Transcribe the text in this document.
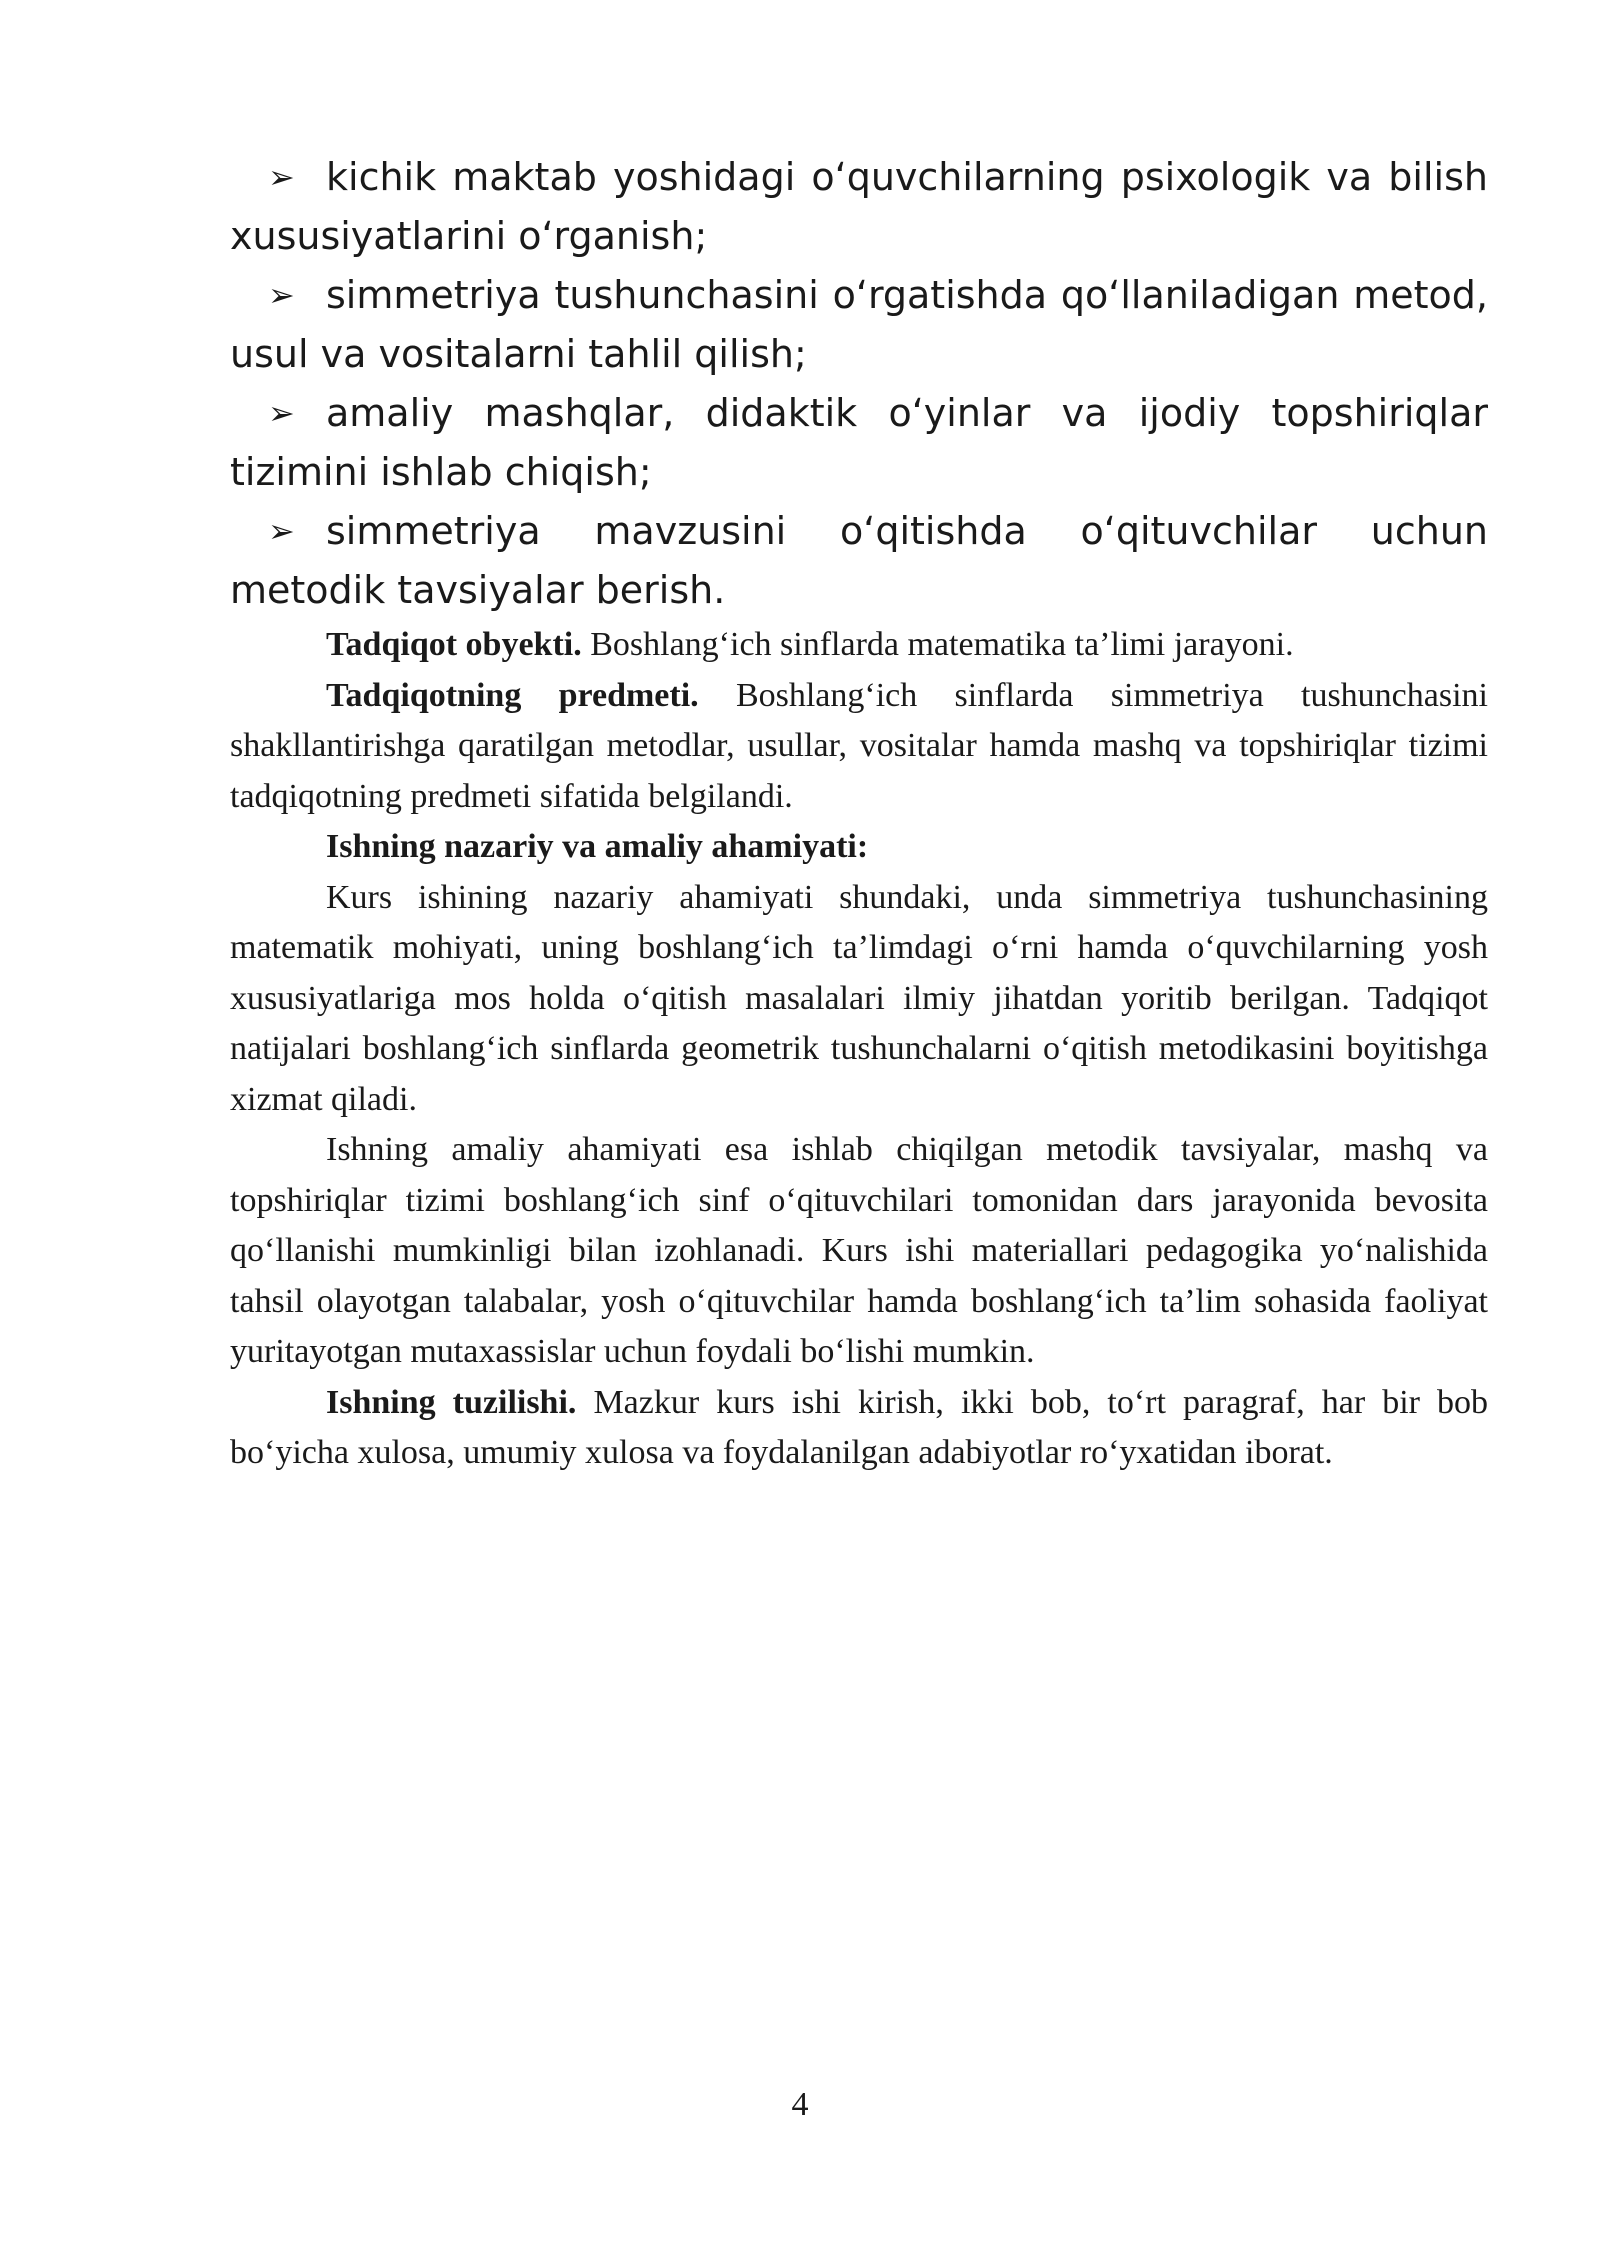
➢ kichik maktab yoshidagi o‘quvchilarning psixologik va bilish xususiyatlarini o‘rganish;

➢ simmetriya tushunchasini o‘rgatishda qo‘llaniladigan metod, usul va vositalarni tahlil qilish;

➢ amaliy mashqlar, didaktik o‘yinlar va ijodiy topshiriqlar tizimini ishlab chiqish;

➢ simmetriya mavzusini o‘qitishda o‘qituvchilar uchun metodik tavsiyalar berish.

Tadqiqot obyekti. Boshlang‘ich sinflarda matematika ta’limi jarayoni.

Tadqiqotning predmeti. Boshlang‘ich sinflarda simmetriya tushunchasini shakllantirishga qaratilgan metodlar, usullar, vositalar hamda mashq va topshiriqlar tizimi tadqiqotning predmeti sifatida belgilandi.

Ishning nazariy va amaliy ahamiyati:

Kurs ishining nazariy ahamiyati shundaki, unda simmetriya tushunchasining matematik mohiyati, uning boshlang‘ich ta’limdagi o‘rni hamda o‘quvchilarning yosh xususiyatlariga mos holda o‘qitish masalalari ilmiy jihatdan yoritib berilgan. Tadqiqot natijalari boshlang‘ich sinflarda geometrik tushunchalarni o‘qitish metodikasini boyitishga xizmat qiladi.

Ishning amaliy ahamiyati esa ishlab chiqilgan metodik tavsiyalar, mashq va topshiriqlar tizimi boshlang‘ich sinf o‘qituvchilari tomonidan dars jarayonida bevosita qo‘llanishi mumkinligi bilan izohlanadi. Kurs ishi materiallari pedagogika yo‘nalishida tahsil olayotgan talabalar, yosh o‘qituvchilar hamda boshlang‘ich ta’lim sohasida faoliyat yuritayotgan mutaxassislar uchun foydali bo‘lishi mumkin.

Ishning tuzilishi. Mazkur kurs ishi kirish, ikki bob, to‘rt paragraf, har bir bob bo‘yicha xulosa, umumiy xulosa va foydalanilgan adabiyotlar ro‘yxatidan iborat.

4
